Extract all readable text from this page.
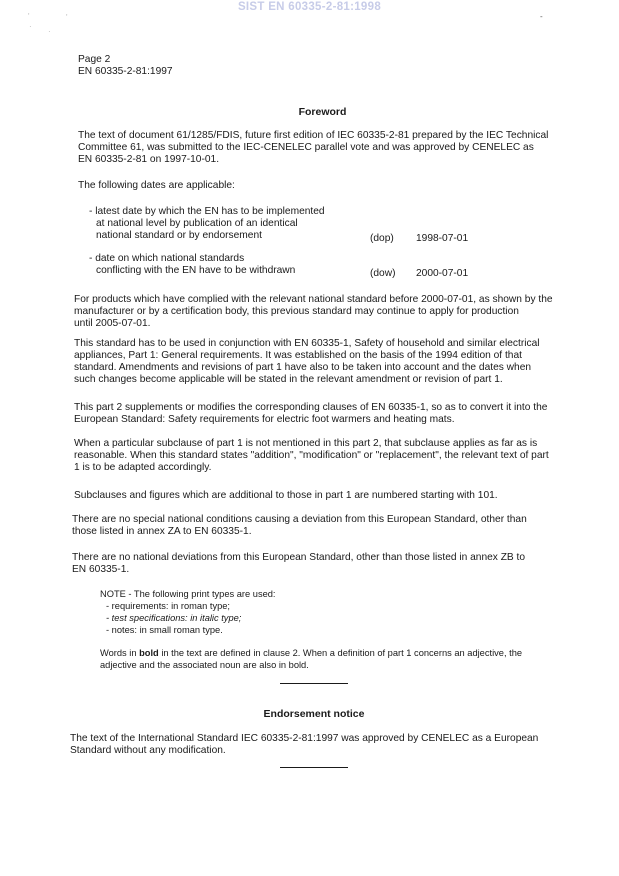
SIST EN 60335-2-81:1998
'	'
·
·
-
Page 2
EN 60335-2-81:1997
Foreword
The text of document 61/1285/FDIS, future first edition of IEC 60335-2-81 prepared by the IEC Technical
Committee 61, was submitted to the IEC-CENELEC parallel vote and was approved by CENELEC as
EN 60335-2-81 on 1997-10-01.
The following dates are applicable:
- latest date by which the EN has to be implemented
at national level by publication of an identical
national standard or by endorsement	(dop) 1998-07-01
- date on which national standards
conflicting with the EN have to be withdrawn	(dow) 2000-07-01
For products which have complied with the relevant national standard before 2000-07-01, as shown by the
manufacturer or by a certification body, this previous standard may continue to apply for production
until 2005-07-01.
This standard has to be used in conjunction with EN 60335-1, Safety of household and similar electrical
appliances, Part 1: General requirements. It was established on the basis of the 1994 edition of that
standard. Amendments and revisions of part 1 have also to be taken into account and the dates when
such changes become applicable will be stated in the relevant amendment or revision of part 1.
This part 2 supplements or modifies the corresponding clauses of EN 60335-1, so as to convert it into the
European Standard: Safety requirements for electric foot warmers and heating mats.
When a particular subclause of part 1 is not mentioned in this part 2, that subclause applies as far as is
reasonable. When this standard states "addition", "modification" or "replacement", the relevant text of part
1 is to be adapted accordingly.
Subclauses and figures which are additional to those in part 1 are numbered starting with 101.
There are no special national conditions causing a deviation from this European Standard, other than
those listed in annex ZA to EN 60335-1.
There are no national deviations from this European Standard, other than those listed in annex ZB to
EN 60335-1.
NOTE - The following print types are used:
- requirements: in roman type;
- test specifications: in italic type;
- notes: in small roman type.
Words in bold in the text are defined in clause 2. When a definition of part 1 concerns an adjective, the
adjective and the associated noun are also in bold.
Endorsement notice
The text of the International Standard IEC 60335-2-81:1997 was approved by CENELEC as a European
Standard without any modification.
